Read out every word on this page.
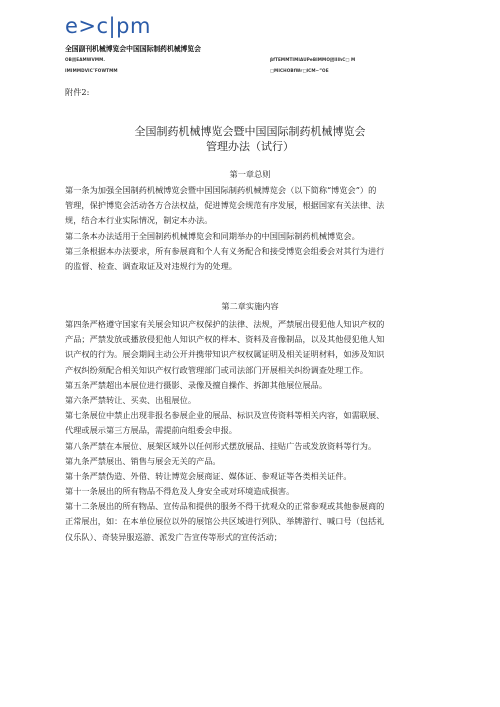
e>c|pm
全国副刊机械博览会中国国际制药机械博览会
OB回EAMWVMM.	βfTEMMTIMIAUPeBIMMO团IlIhC□ M
IMIMMDVIC″FOWTMM	□MICHOBfWr□ICM~”OE
附件2:
全国制药机械博览会暨中国国际制药机械博览会
管理办法（试行）
第一章总则
第一条为加强全国制药机械博览会暨中国国际制药机械博览会（以下简称“博览会”）的
管理，保护博览会活动各方合法权益，促进博览会规范有序发展，根据国家有关法律、法
规，结合本行业实际情况，制定本办法。
第二条本办法适用于全国制药机械博览会和同期举办的中国国际制药机械博览会。
第三条根据本办法要求，所有参展商和个人有义务配合和接受博览会组委会对其行为进行
的监督、检查、调查取证及对违规行为的处理。
第二章实施内容
第四条严格遵守国家有关展会知识产权保护的法律、法规，严禁展出侵犯他人知识产权的
产品；严禁发放或播放侵犯他人知识产权的样本、资料及音像制品，以及其他侵犯他人知
识产权的行为。展会期间主动公开并携带知识产权权属证明及相关证明材料，如涉及知识
产权纠纷须配合相关知识产权行政管理部门或司法部门开展相关纠纷调查处理工作。
第五条严禁超出本展位进行摄影、录像及擅自操作、拆卸其他展位展品。
第六条严禁转让、买卖、出租展位。
第七条展位中禁止出现非报名参展企业的展品、标识及宣传资料等相关内容，如需联展、
代理或展示第三方展品，需提前向组委会申报。
第八条严禁在本展位、展架区域外以任何形式摆放展品、挂贴广告或发放资料等行为。
第九条严禁展出、销售与展会无关的产品。
第十条严禁伪造、外借、转让博览会展商证、媒体证、参观证等各类相关证件。
第十一条展出的所有物品不得危及人身安全或对环境造成损害。
第十二条展出的所有物品、宣传品和提供的服务不得干扰观众的正常参观或其他参展商的
正常展出，如：在本单位展位以外的展馆公共区域进行列队、举牌游行、喊口号（包括礼
仪乐队）、奇装异服巡游、派发广告宣传等形式的宣传活动；
